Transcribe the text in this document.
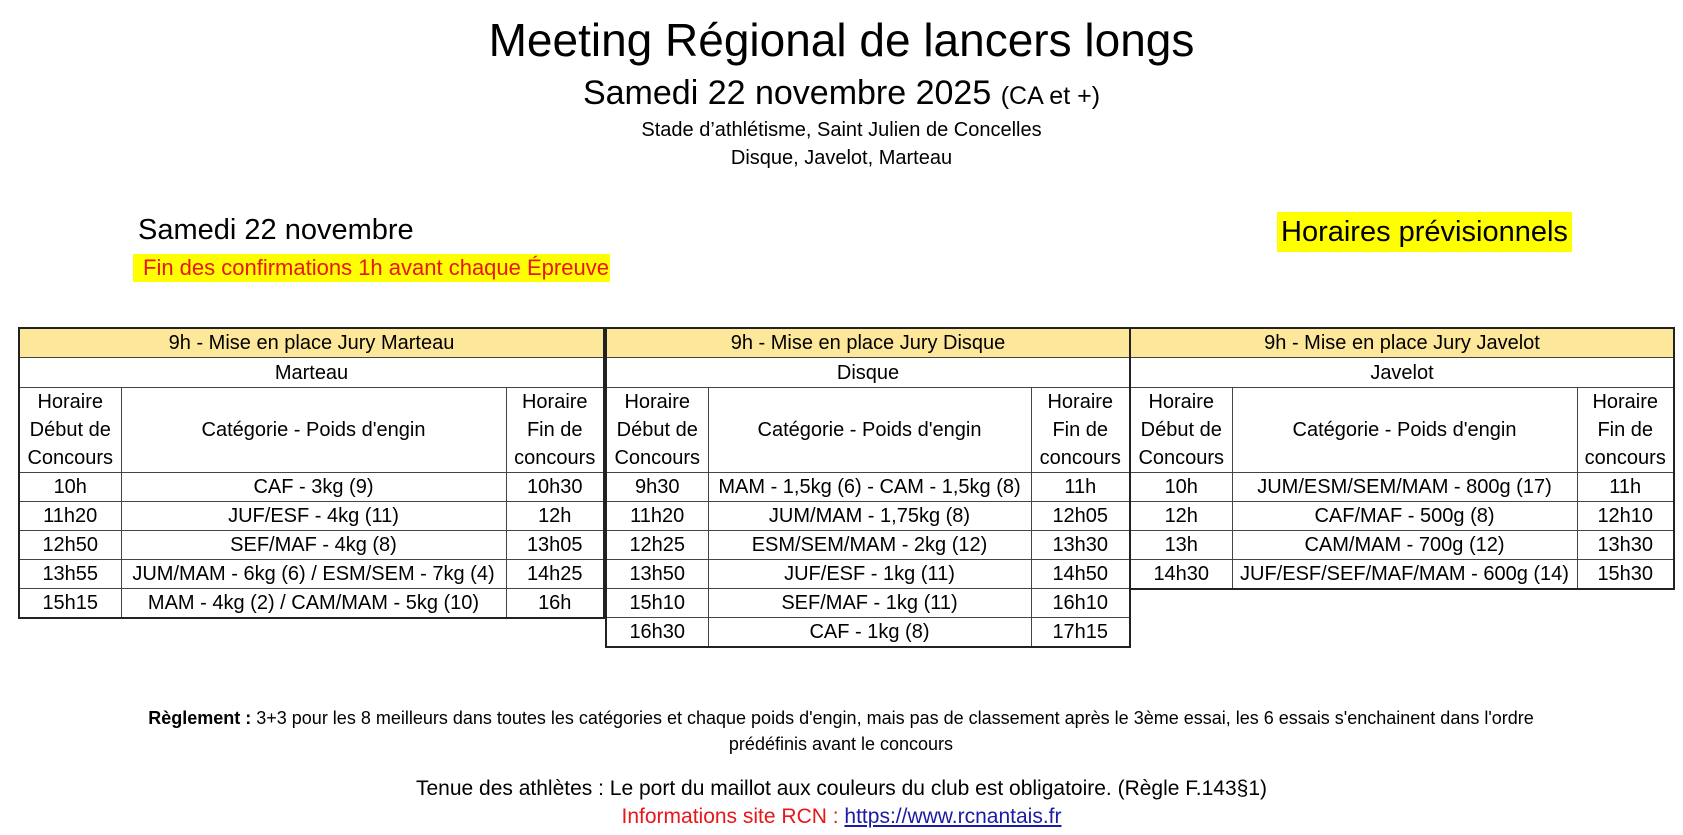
Meeting Régional de lancers longs
Samedi 22 novembre 2025 (CA et +)
Stade d’athlétisme, Saint Julien de Concelles
Disque, Javelot, Marteau
Samedi 22 novembre
Fin des confirmations 1h avant chaque Épreuve
Horaires prévisionnels
9h - Mise en place Jury Marteau		
Marteau		
Horaire Début de Concours	Catégorie - Poids d'engin	Horaire Fin de concours
10h	CAF - 3kg (9)	10h30
11h20	JUF/ESF - 4kg (11)	12h
12h50	SEF/MAF - 4kg (8)	13h05
13h55	JUM/MAM - 6kg (6) / ESM/SEM - 7kg (4)	14h25
15h15	MAM - 4kg (2) / CAM/MAM - 5kg (10)	16h
9h - Mise en place Jury Disque		
Disque		
Horaire Début de Concours	Catégorie - Poids d'engin	Horaire Fin de concours
9h30	MAM - 1,5kg (6) - CAM - 1,5kg (8)	11h
11h20	JUM/MAM - 1,75kg (8)	12h05
12h25	ESM/SEM/MAM - 2kg (12)	13h30
13h50	JUF/ESF - 1kg (11)	14h50
15h10	SEF/MAF - 1kg (11)	16h10
16h30	CAF - 1kg (8)	17h15
9h - Mise en place Jury Javelot		
Javelot		
Horaire Début de Concours	Catégorie - Poids d'engin	Horaire Fin de concours
10h	JUM/ESM/SEM/MAM - 800g (17)	11h
12h	CAF/MAF - 500g (8)	12h10
13h	CAM/MAM - 700g (12)	13h30
14h30	JUF/ESF/SEF/MAF/MAM - 600g (14)	15h30
Règlement : 3+3 pour les 8 meilleurs dans toutes les catégories et chaque poids d'engin, mais pas de classement après le 3ème essai, les 6 essais s'enchainent dans l'ordre prédéfinis avant le concours
Tenue des athlètes : Le port du maillot aux couleurs du club est obligatoire. (Règle F.143§1)
Informations site RCN : https://www.rcnantais.fr
